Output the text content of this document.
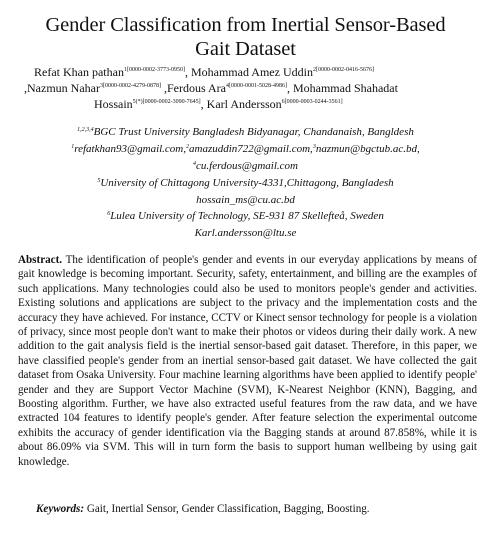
Gender Classification from Inertial Sensor-Based
Gait Dataset
Refat Khan pathan$^{1[0000-0002-3773-0950]}$, Mohammad Amez Uddin$^{2[0000-0002-0416-5676]}$
,Nazmun Nahar$^{3[0000-0002-4279-0878]}$ ,Ferdous Ara$^{4[0000-0001-5028-4986]}$, Mohammad Shahadat
Hossain$^{5(*)[0000-0002-3090-7645]}$, Karl Andersson$^{6[0000-0003-0244-3561]}$
$^{1,2,3,4}$BGC Trust University Bangladesh Bidyanagar, Chandanaish, Bangldesh
$^1$refatkhan93@gmail.com,$^2$amazuddin722@gmail.com,$^3$nazmun@bgctub.ac.bd,
$^4$cu.ferdous@gmail.com
$^5$University of Chittagong University-4331,Chittagong, Bangladesh
hossain_ms@cu.ac.bd
$^6$Lulea University of Technology, SE-931 87 Skellefteå, Sweden
Karl.andersson@ltu.se
Abstract. The identification of people's gender and events in our everyday applications by means of gait knowledge is becoming important. Security, safety, entertainment, and billing are the examples of such applications. Many technologies could also be used to monitors people's gender and activities. Existing solutions and applications are subject to the privacy and the implementation costs and the accuracy they have achieved. For instance, CCTV or Kinect sensor technology for people is a violation of privacy, since most people don't want to make their photos or videos during their daily work. A new addition to the gait analysis field is the inertial sensor-based gait dataset. Therefore, in this paper, we have classified people's gender from an inertial sensor-based gait dataset. We have collected the gait dataset from Osaka University. Four machine learning algorithms have been applied to identify people' gender and they are Support Vector Machine (SVM), K-Nearest Neighbor (KNN), Bagging, and Boosting algorithm. Further, we have also extracted useful features from the raw data, and we have extracted 104 features to identify people's gender. After feature selection the experimental outcome exhibits the accuracy of gender identification via the Bagging stands at around 87.858%, while it is about 86.09% via SVM. This will in turn form the basis to support human wellbeing by using gait knowledge.
Keywords: Gait, Inertial Sensor, Gender Classification, Bagging, Boosting.
